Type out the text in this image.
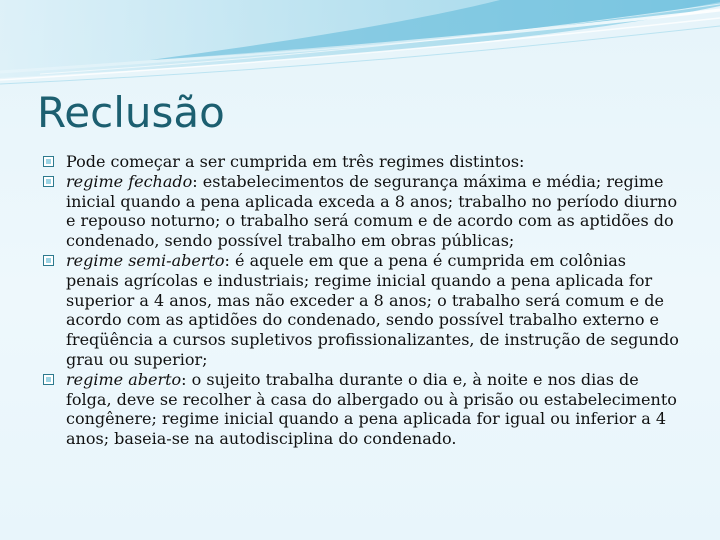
Reclusão
Pode começar a ser cumprida em três regimes distintos:
regime fechado: estabelecimentos de segurança máxima e média; regime inicial quando a pena aplicada exceda a 8 anos; trabalho no período diurno e repouso noturno; o trabalho será comum e de acordo com as aptidões do condenado, sendo possível trabalho em obras públicas;
regime semi-aberto: é aquele em que a pena é cumprida em colônias penais agrícolas e industriais; regime inicial quando a pena aplicada for superior a 4 anos, mas não exceder a 8 anos; o trabalho será comum e de acordo com as aptidões do condenado, sendo possível trabalho externo e freqüência a cursos supletivos profissionalizantes, de instrução de segundo grau ou superior;
regime aberto: o sujeito trabalha durante o dia e, à noite e nos dias de folga, deve se recolher à casa do albergado ou à prisão ou estabelecimento congênere; regime inicial quando a pena aplicada for igual ou inferior a 4 anos; baseia-se na autodisciplina do condenado.
